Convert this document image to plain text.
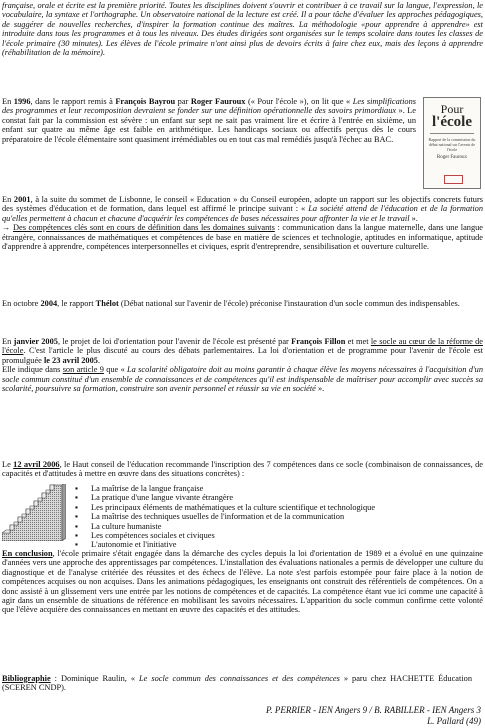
française, orale et écrite est la première priorité. Toutes les disciplines doivent s'ouvrir et contribuer à ce travail sur la langue, l'expression, le vocabulaire, la syntaxe et l'orthographe. Un observatoire national de la lecture est créé. Il a pour tâche d'évaluer les approches pédagogiques, de suggérer de nouvelles recherches, d'inspirer la formation continue des maîtres. La méthodologie «pour apprendre à apprendre» est introduite dans tous les programmes et à tous les niveaux. Des études dirigées sont organisées sur le temps scolaire dans toutes les classes de l'école primaire (30 minutes). Les élèves de l'école primaire n'ont ainsi plus de devoirs écrits à faire chez eux, mais des leçons à apprendre (réhabilitation de la mémoire).

En 1996, dans le rapport remis à François Bayrou par Roger Fauroux (« Pour l'école »), on lit que « Les simplifications des programmes et leur recomposition devraient se fonder sur une définition opérationnelle des savoirs primordiaux ». Le constat fait par la commission est sévère : un enfant sur sept ne sait pas vraiment lire et écrire à l'entrée en sixième, un enfant sur quatre au même âge est faible en arithmétique. Les handicaps sociaux ou affectifs perçus dès le cours préparatoire de l'école élémentaire sont quasiment irrémédiables ou en tout cas mal remédiés jusqu'à l'échec au BAC.

Pour
l'école
Rapport de la commission du débat national sur l'avenir de l'école
Roger Fauroux

En 2001, à la suite du sommet de Lisbonne, le conseil « Education » du Conseil européen, adopte un rapport sur les objectifs concrets futurs des systèmes d'éducation et de formation, dans lequel est affirmé le principe suivant : « La société attend de l'éducation et de la formation qu'elles permettent à chacun et chacune d'acquérir les compétences de bases nécessaires pour affronter la vie et le travail ».
→ Des compétences clés sont en cours de définition dans les domaines suivants : communication dans la langue maternelle, dans une langue étrangère, connaissances de mathématiques et compétences de base en matière de sciences et technologie, aptitudes en informatique, aptitude d'apprendre à apprendre, compétences interpersonnelles et civiques, esprit d'entreprendre, sensibilisation et ouverture culturelle.

En octobre 2004, le rapport Thélot (Débat national sur l'avenir de l'école) préconise l'instauration d'un socle commun des indispensables.

En janvier 2005, le projet de loi d'orientation pour l'avenir de l'école est présenté par François Fillon et met le socle au cœur de la réforme de l'école. C'est l'article le plus discuté au cours des débats parlementaires. La loi d'orientation et de programme pour l'avenir de l'école est promulguée le 23 avril 2005.
Elle indique dans son article 9 que « La scolarité obligatoire doit au moins garantir à chaque élève les moyens nécessaires à l'acquisition d'un socle commun constitué d'un ensemble de connaissances et de compétences qu'il est indispensable de maîtriser pour accomplir avec succès sa scolarité, poursuivre sa formation, construire son avenir personnel et réussir sa vie en société ».

Le 12 avril 2006, le Haut conseil de l'éducation recommande l'inscription des 7 compétences dans ce socle (combinaison de connaissances, de capacités et d'attitudes à mettre en œuvre dans des situations concrètes) :

▪ La maîtrise de la langue française
▪ La pratique d'une langue vivante étrangère
▪ Les principaux éléments de mathématiques et la culture scientifique et technologique
▪ La maîtrise des techniques usuelles de l'information et de la communication
▪ La culture humaniste
▪ Les compétences sociales et civiques
▪ L'autonomie et l'initiative

En conclusion, l'école primaire s'était engagée dans la démarche des cycles depuis la loi d'orientation de 1989 et a évolué en une quinzaine d'années vers une approche des apprentissages par compétences. L'installation des évaluations nationales a permis de développer une culture du diagnostique et de l'analyse critériée des réussites et des échecs de l'élève. La note s'est parfois estompée pour faire place à la notion de compétences acquises ou non acquises. Dans les animations pédagogiques, les enseignants ont construit des référentiels de compétences. On a donc assisté à un glissement vers une entrée par les notions de compétences et de capacités. La compétence étant vue ici comme une capacité à agir dans un ensemble de situations de référence en mobilisant les savoirs nécessaires. L'apparition du socle commun confirme cette volonté que l'élève acquière des connaissances en mettant en œuvre des capacités et des attitudes.

Bibliographie : Dominique Raulin, « Le socle commun des connaissances et des compétences » paru chez HACHETTE Éducation (SCEREN CNDP).

P. PERRIER - IEN Angers 9 / B. RABILLER - IEN Angers 3
L. Pallard (49)
